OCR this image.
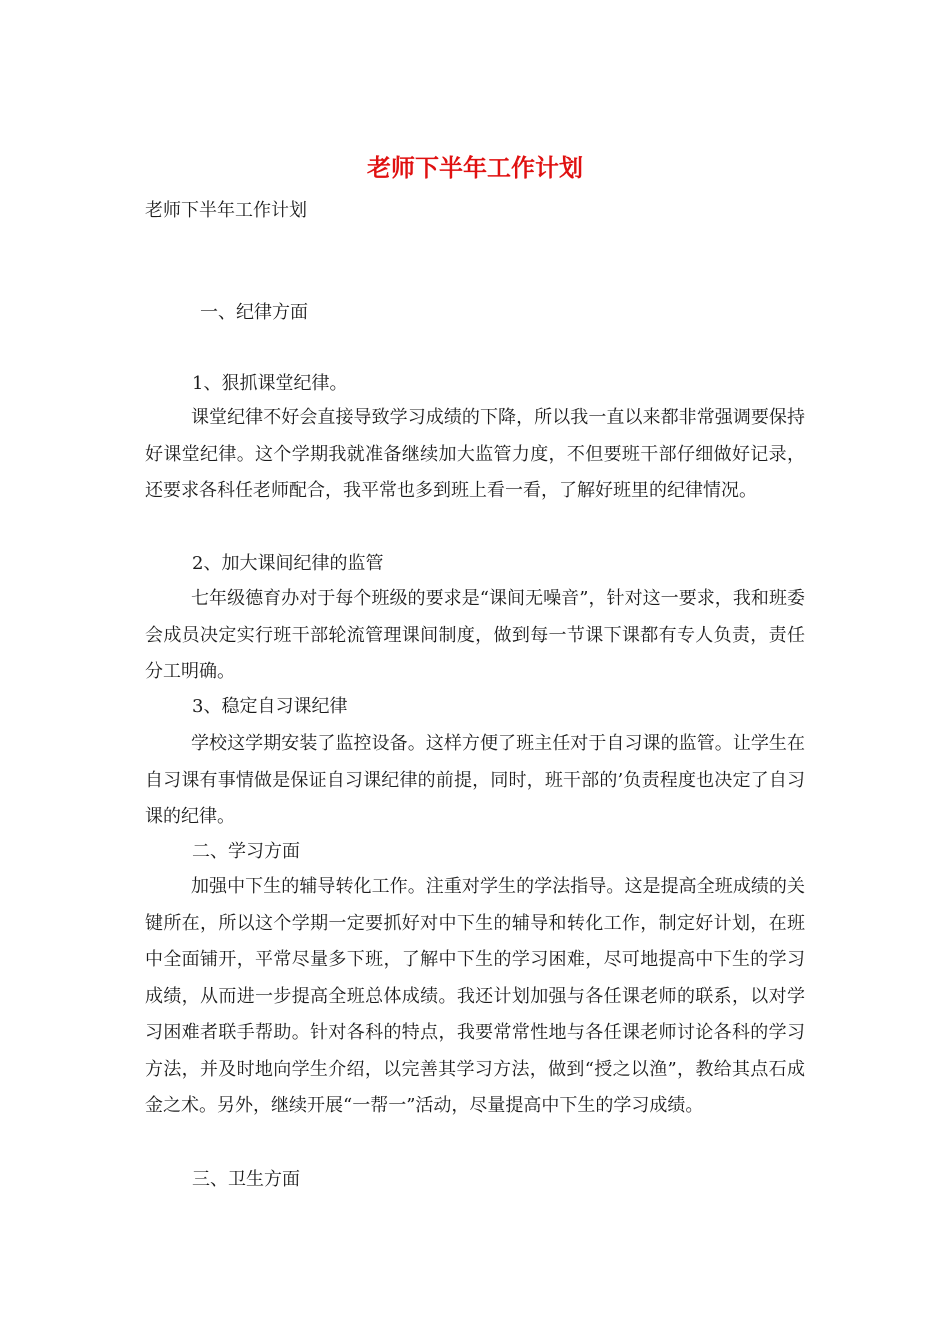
老师下半年工作计划
老师下半年工作计划
一、纪律方面
1、狠抓课堂纪律。
课堂纪律不好会直接导致学习成绩的下降，所以我一直以来都非常强调要保持好课堂纪律。这个学期我就准备继续加大监管力度，不但要班干部仔细做好记录，还要求各科任老师配合，我平常也多到班上看一看，了解好班里的纪律情况。
2、加大课间纪律的监管
七年级德育办对于每个班级的要求是“课间无噪音”，针对这一要求，我和班委会成员决定实行班干部轮流管理课间制度，做到每一节课下课都有专人负责，责任分工明确。
3、稳定自习课纪律
学校这学期安装了监控设备。这样方便了班主任对于自习课的监管。让学生在自习课有事情做是保证自习课纪律的前提，同时，班干部的’负责程度也决定了自习课的纪律。
二、学习方面
加强中下生的辅导转化工作。注重对学生的学法指导。这是提高全班成绩的关键所在，所以这个学期一定要抓好对中下生的辅导和转化工作，制定好计划，在班中全面铺开，平常尽量多下班，了解中下生的学习困难，尽可地提高中下生的学习成绩，从而进一步提高全班总体成绩。我还计划加强与各任课老师的联系，以对学习困难者联手帮助。针对各科的特点，我要常常性地与各任课老师讨论各科的学习方法，并及时地向学生介绍，以完善其学习方法，做到“授之以渔”，教给其点石成金之术。另外，继续开展“一帮一”活动，尽量提高中下生的学习成绩。
三、卫生方面
